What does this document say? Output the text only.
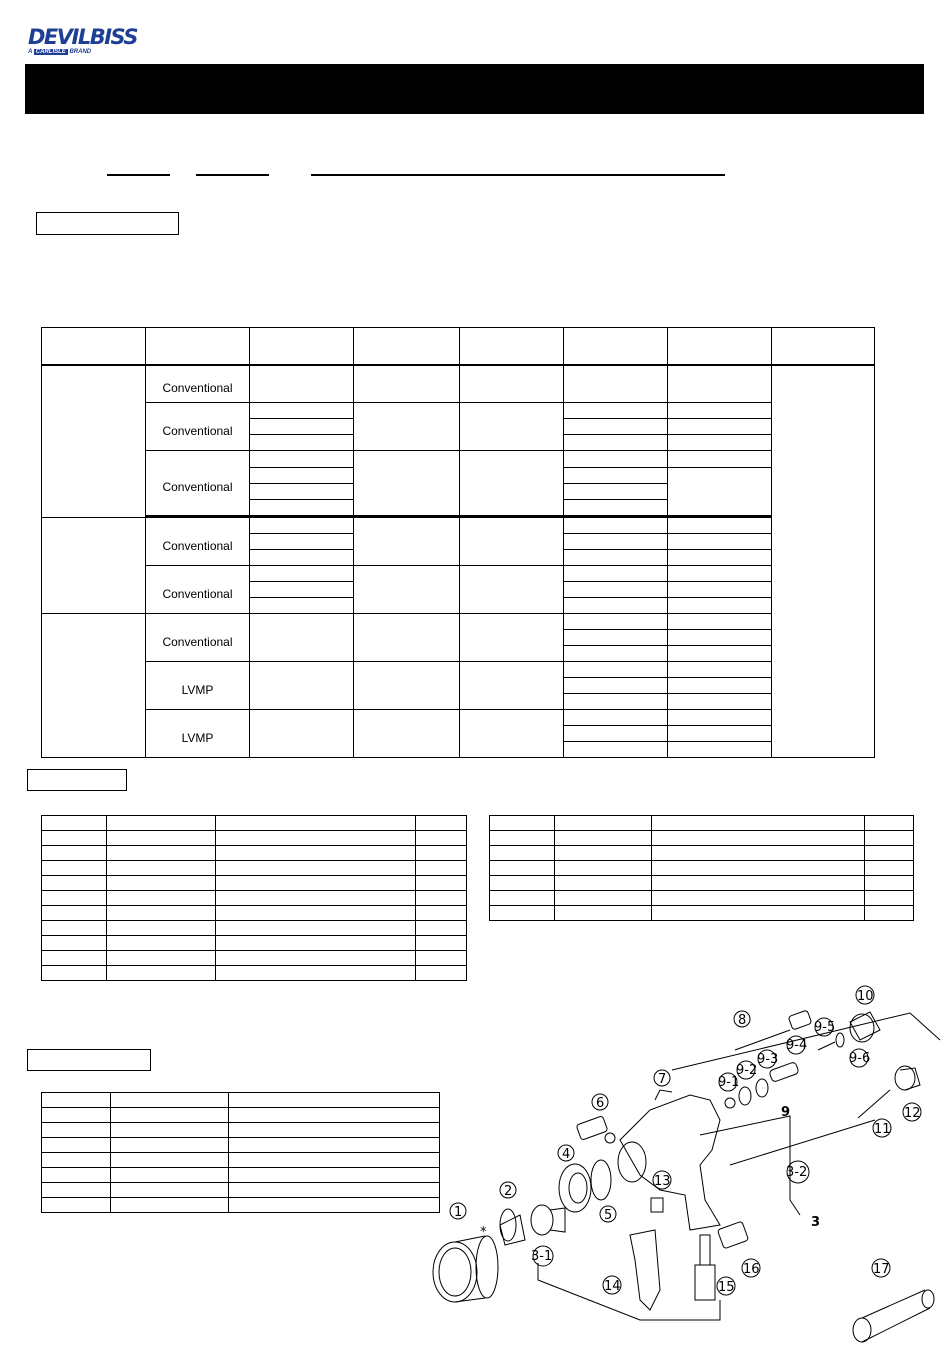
DEVILBISS
A CARLISLE BRAND

	Conventional						
	Conventional						

	Conventional						

	Conventional						

	Conventional						

	Conventional						

	LVMP						

	LVMP						

1
2
3-1
3-2
3
4
5
6
7
8
9
9-1
9-2
9-3
9-4
9-5
9-6
10
11
12
13
14	15
16	17
*
